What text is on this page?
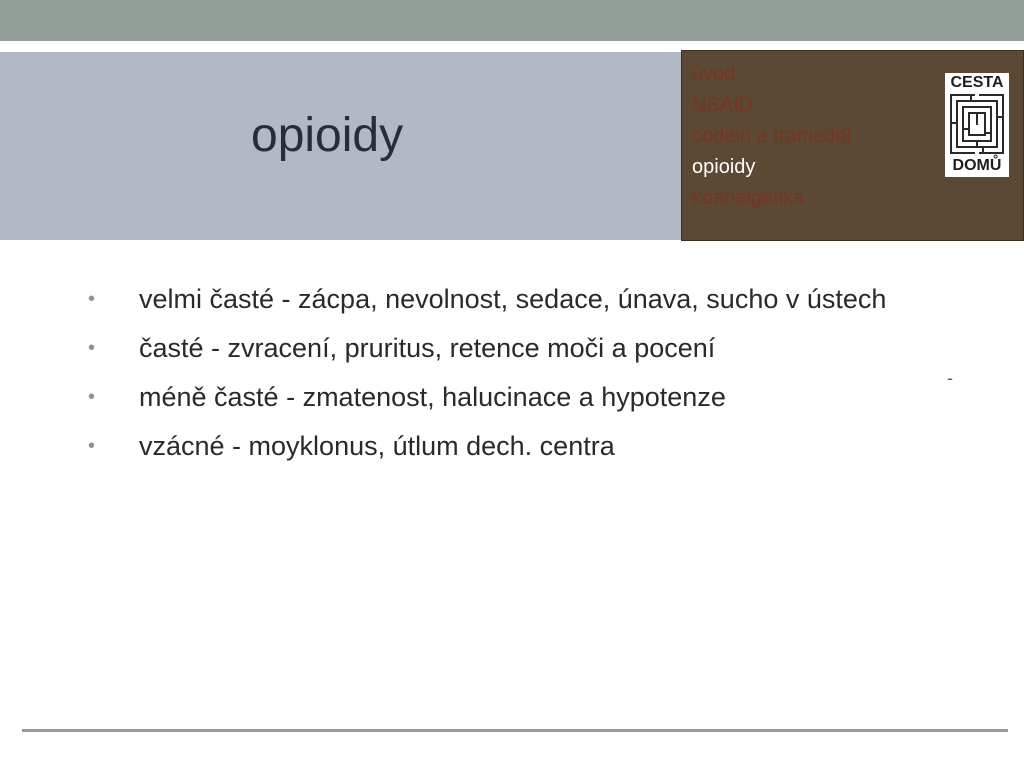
opioidy
úvod
NSAID
codein a tramadol
opioidy
koanalgetika
CESTA
DOMŮ
• velmi časté - zácpa, nevolnost, sedace, únava, sucho v ústech
• časté - zvracení, pruritus, retence moči a pocení
• méně časté - zmatenost, halucinace a hypotenze
• vzácné - moyklonus, útlum dech. centra
-
